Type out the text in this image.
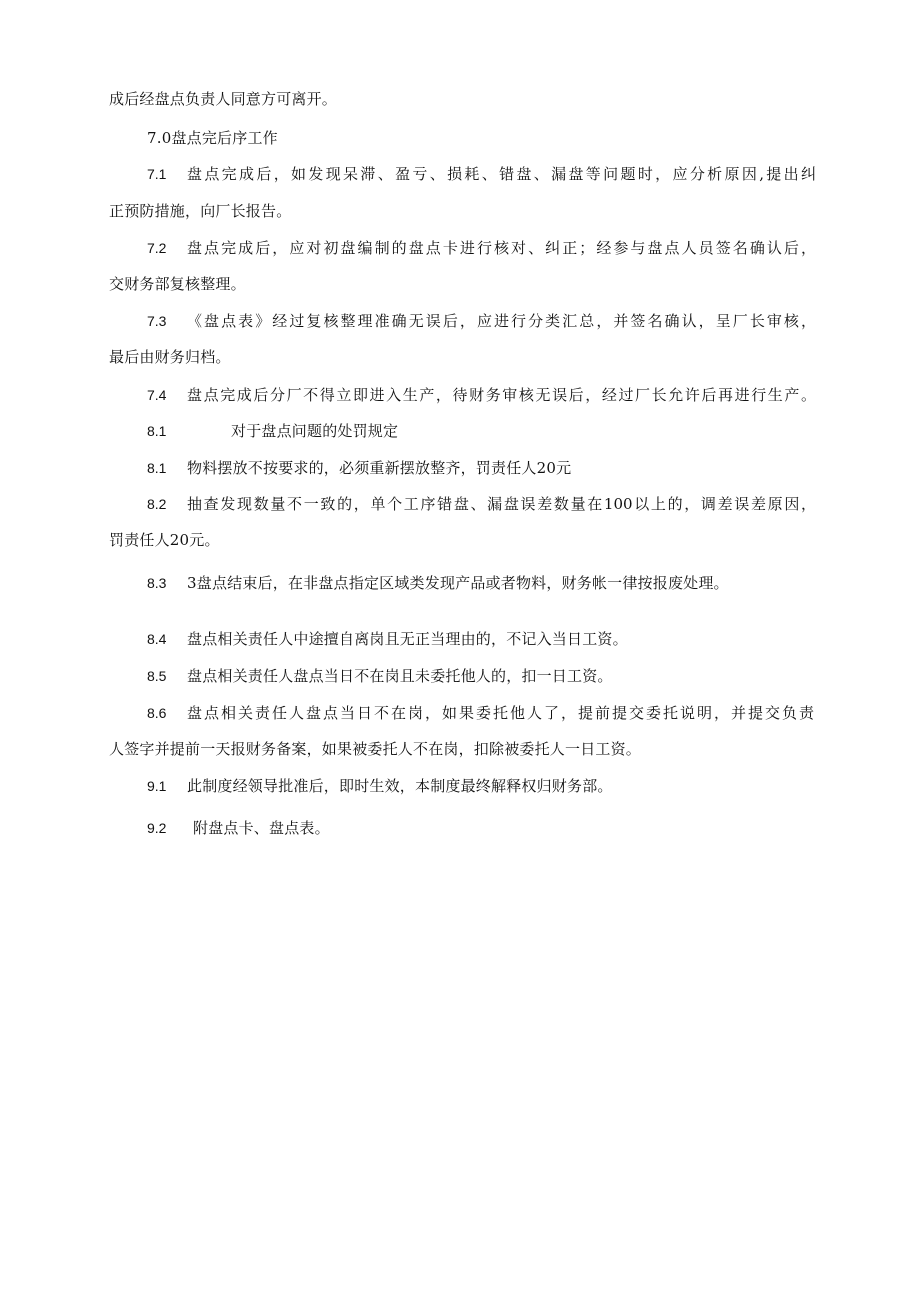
成后经盘点负责人同意方可离开。
7.0盘点完后序工作
7.1 盘点完成后，如发现呆滞、盈亏、损耗、错盘、漏盘等问题时，应分析原因,提出纠
正预防措施，向厂长报告。
7.2 盘点完成后，应对初盘编制的盘点卡进行核对、纠正；经参与盘点人员签名确认后，
交财务部复核整理。
7.3 《盘点表》经过复核整理准确无误后，应进行分类汇总，并签名确认，呈厂长审核，
最后由财务归档。
7.4 盘点完成后分厂不得立即进入生产，待财务审核无误后，经过厂长允许后再进行生产。
8.1	对于盘点问题的处罚规定
8.1 物料摆放不按要求的，必须重新摆放整齐，罚责任人20元
8.2 抽查发现数量不一致的，单个工序错盘、漏盘误差数量在100以上的，调差误差原因，
罚责任人20元。
8.3 3盘点结束后，在非盘点指定区域类发现产品或者物料，财务帐一律按报废处理。
8.4 盘点相关责任人中途擅自离岗且无正当理由的，不记入当日工资。
8.5 盘点相关责任人盘点当日不在岗且未委托他人的，扣一日工资。
8.6 盘点相关责任人盘点当日不在岗，如果委托他人了，提前提交委托说明，并提交负责
人签字并提前一天报财务备案，如果被委托人不在岗，扣除被委托人一日工资。
9.1 此制度经领导批准后，即时生效，本制度最终解释权归财务部。
9.2 附盘点卡、盘点表。
